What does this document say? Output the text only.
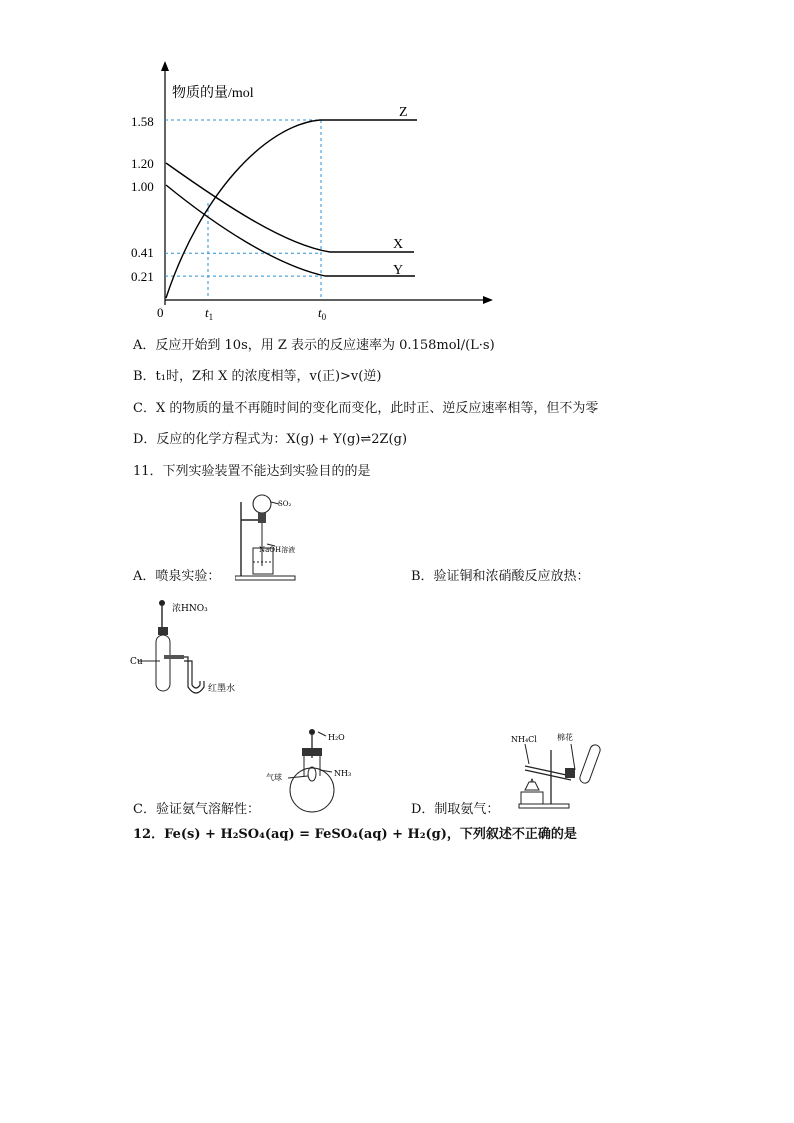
物质的量/mol
1.58
1.20
1.00
0.41
0.21
0	$t_1$	$t_0$
Z
X
Y
A．反应开始到 10s，用 Z 表示的反应速率为 0.158mol/(L·s)
B．t₁时，Z和 X 的浓度相等，v(正)>v(逆)
C．X 的物质的量不再随时间的变化而变化，此时正、逆反应速率相等，但不为零
D．反应的化学方程式为：X(g) + Y(g)⇌2Z(g)
11．下列实验装置不能达到实验目的的是
SO₂
NaOH溶液
A．喷泉实验：	B．验证铜和浓硝酸反应放热：
浓HNO₃
Cu
红墨水
H₂O
气球	NH₃
NH₄Cl	棉花
C．验证氨气溶解性：	D．制取氨气：
12．Fe(s) + H₂SO₄(aq) = FeSO₄(aq) + H₂(g)，下列叙述不正确的是
